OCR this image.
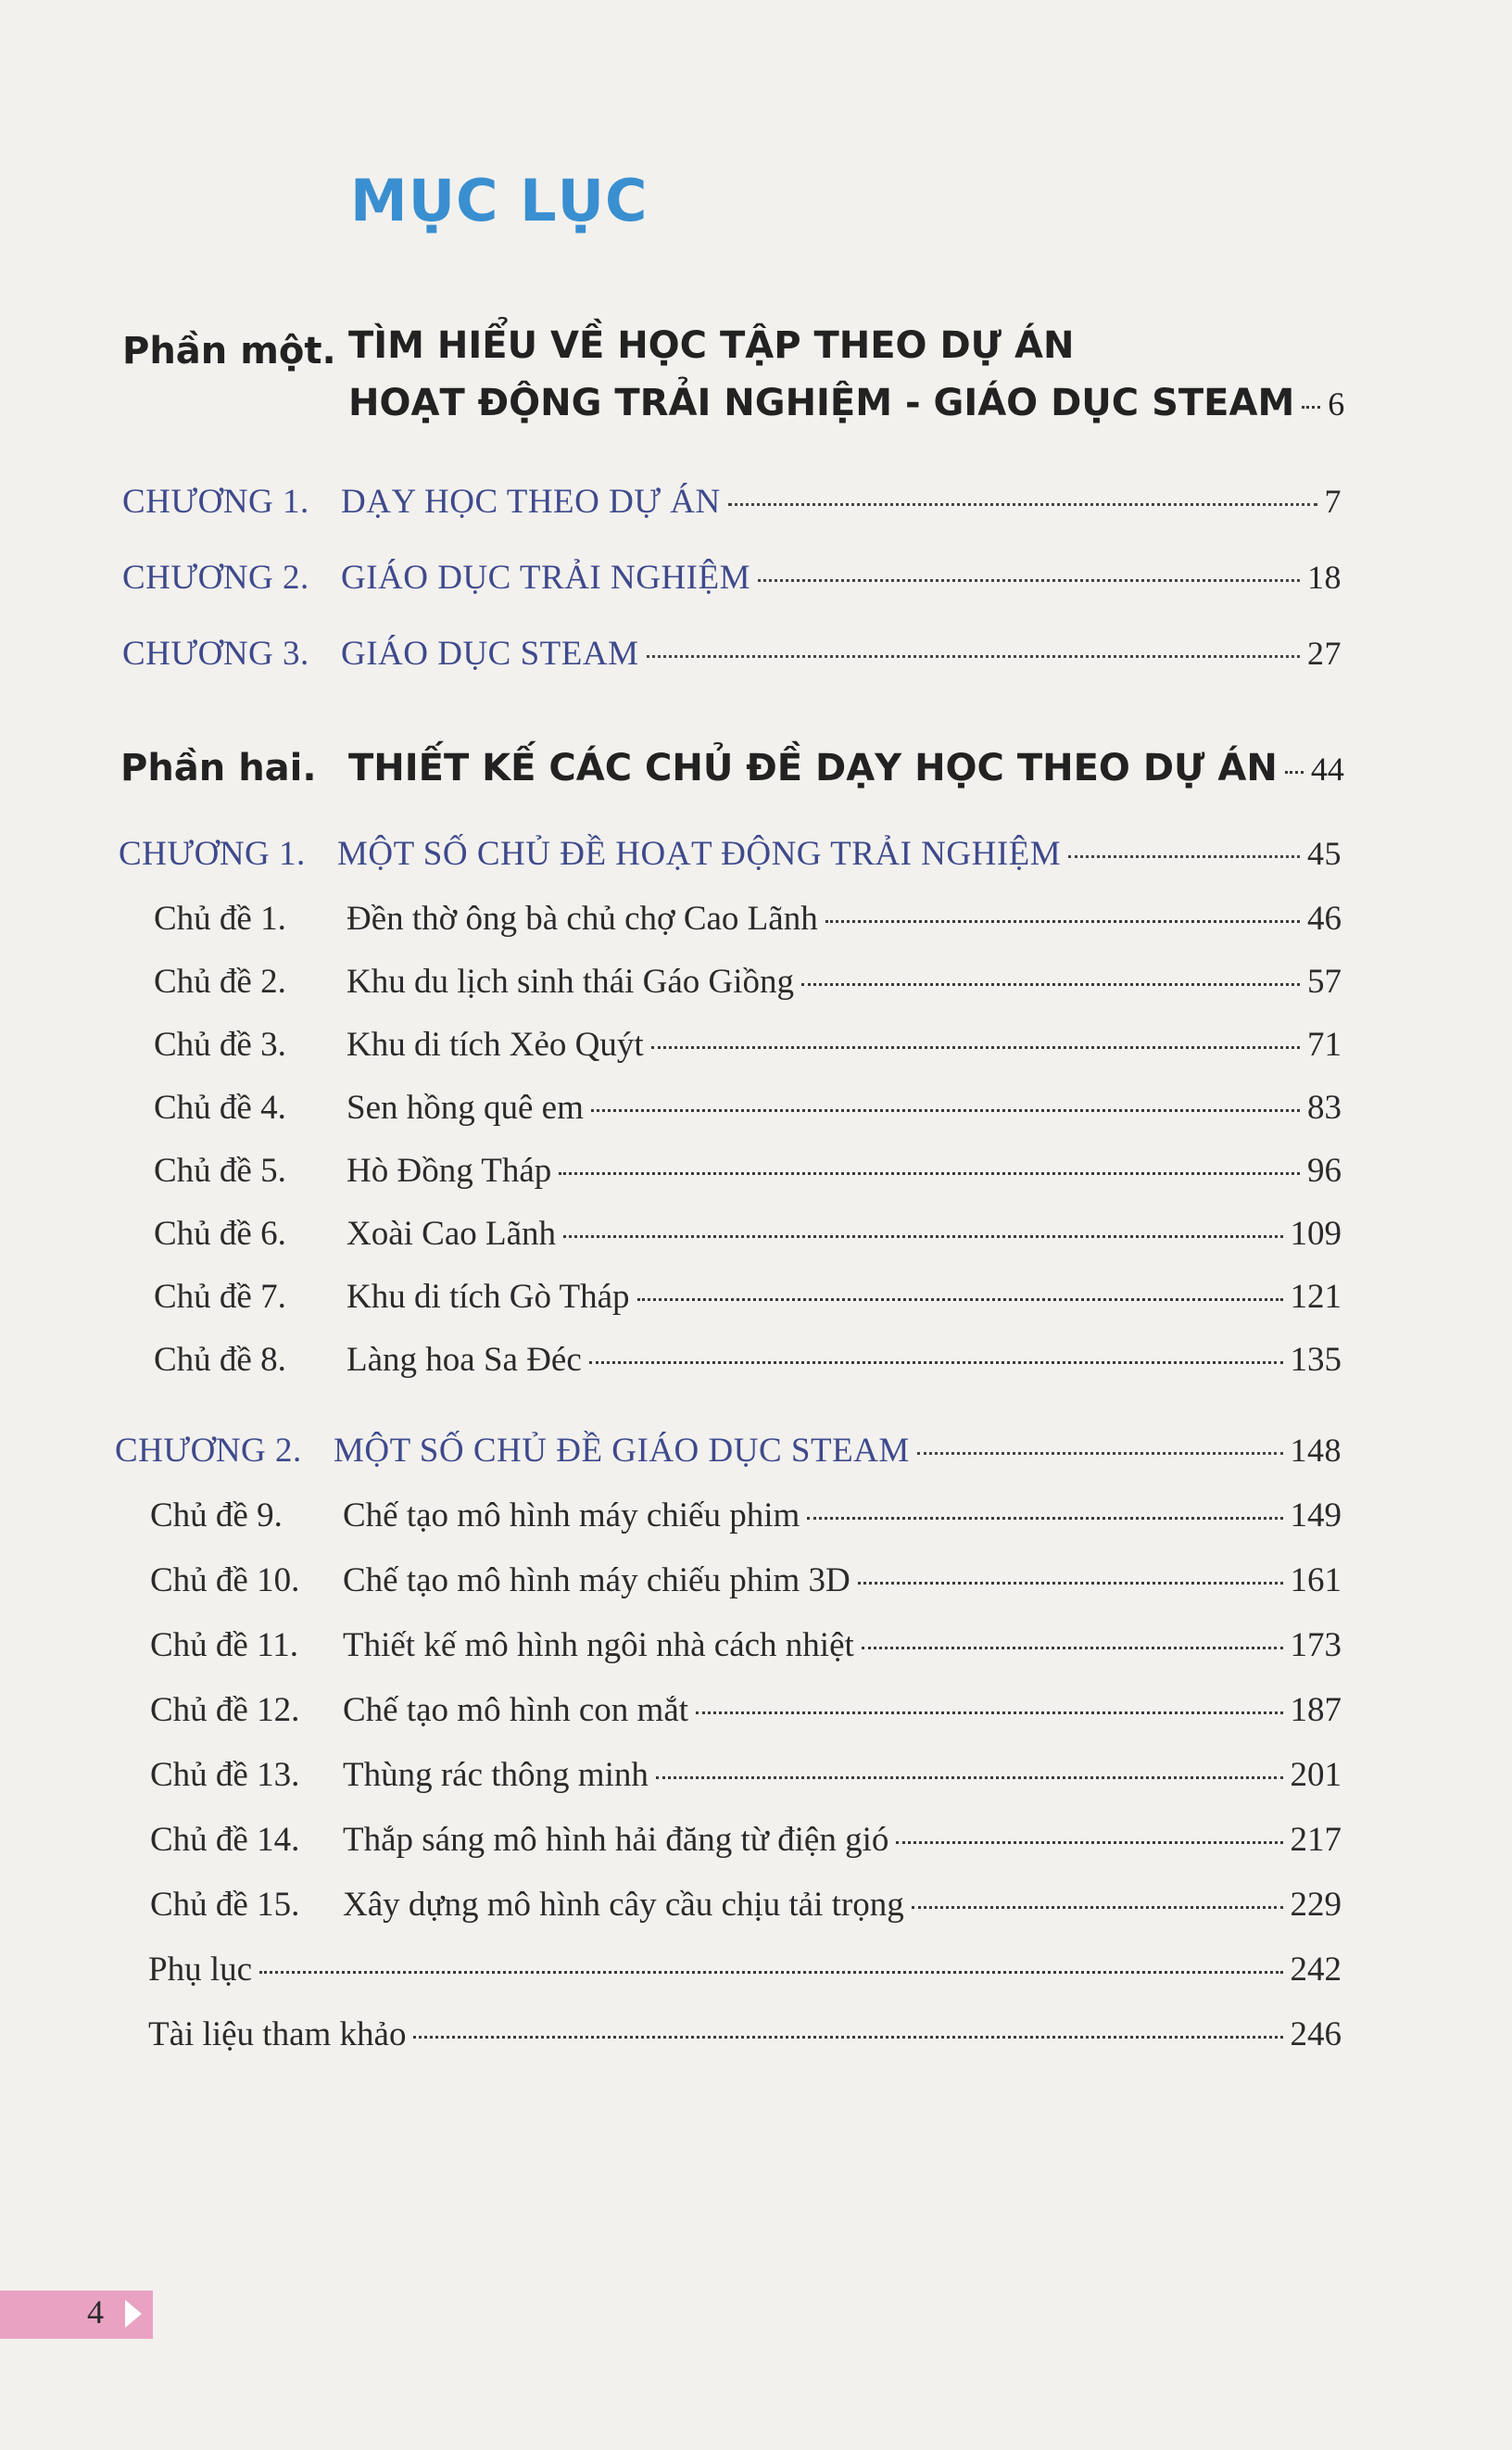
MỤC LỤC
Phần một. TÌM HIỂU VỀ HỌC TẬP THEO DỰ ÁN
HOẠT ĐỘNG TRẢI NGHIỆM - GIÁO DỤC STEAM 6
CHƯƠNG 1. DẠY HỌC THEO DỰ ÁN	7
CHƯƠNG 2. GIÁO DỤC TRẢI NGHIỆM	18
CHƯƠNG 3. GIÁO DỤC STEAM	27
Phần hai. THIẾT KẾ CÁC CHỦ ĐỀ DẠY HỌC THEO DỰ ÁN 44
CHƯƠNG 1. MỘT SỐ CHỦ ĐỀ HOẠT ĐỘNG TRẢI NGHIỆM	45
Chủ đề 1.	Đền thờ ông bà chủ chợ Cao Lãnh	46
Chủ đề 2.	Khu du lịch sinh thái Gáo Giồng	57
Chủ đề 3.	Khu di tích Xẻo Quýt	71
Chủ đề 4.	Sen hồng quê em	83
Chủ đề 5.	Hò Đồng Tháp	96
Chủ đề 6.	Xoài Cao Lãnh	109
Chủ đề 7.	Khu di tích Gò Tháp	121
Chủ đề 8.	Làng hoa Sa Đéc	135
CHƯƠNG 2. MỘT SỐ CHỦ ĐỀ GIÁO DỤC STEAM	148
Chủ đề 9.	Chế tạo mô hình máy chiếu phim	149
Chủ đề 10.	Chế tạo mô hình máy chiếu phim 3D	161
Chủ đề 11.	Thiết kế mô hình ngôi nhà cách nhiệt	173
Chủ đề 12.	Chế tạo mô hình con mắt	187
Chủ đề 13.	Thùng rác thông minh	201
Chủ đề 14.	Thắp sáng mô hình hải đăng từ điện gió	217
Chủ đề 15.	Xây dựng mô hình cây cầu chịu tải trọng	229
Phụ lục	242
Tài liệu tham khảo	246
4
